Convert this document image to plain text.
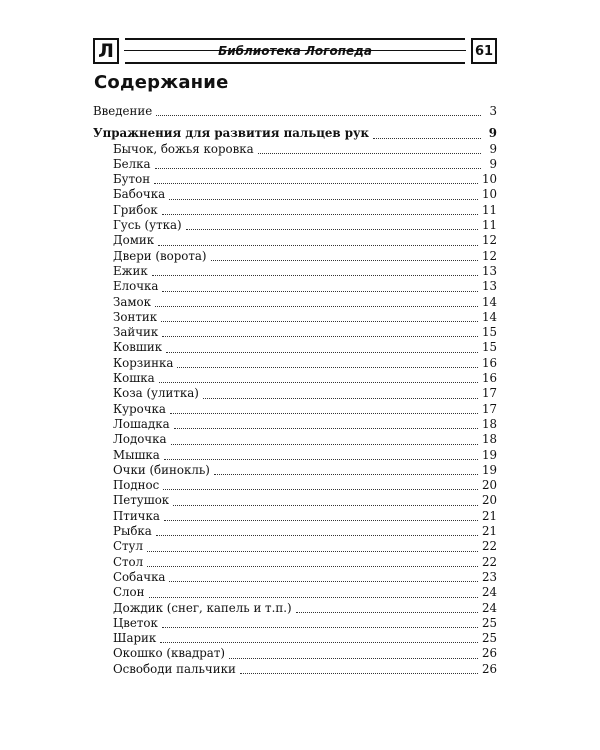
Л	Библиотека Логопеда	61
Содержание
Введение	3
Упражнения для развития пальцев рук	9
Бычок, божья коровка	9
Белка	9
Бутон	10
Бабочка	10
Грибок	11
Гусь (утка)	11
Домик	12
Двери (ворота)	12
Ежик	13
Елочка	13
Замок	14
Зонтик	14
Зайчик	15
Ковшик	15
Корзинка	16
Кошка	16
Коза (улитка)	17
Курочка	17
Лошадка	18
Лодочка	18
Мышка	19
Очки (бинокль)	19
Поднос	20
Петушок	20
Птичка	21
Рыбка	21
Стул	22
Стол	22
Собачка	23
Слон	24
Дождик (снег, капель и т.п.)	24
Цветок	25
Шарик	25
Окошко (квадрат)	26
Освободи пальчики	26
